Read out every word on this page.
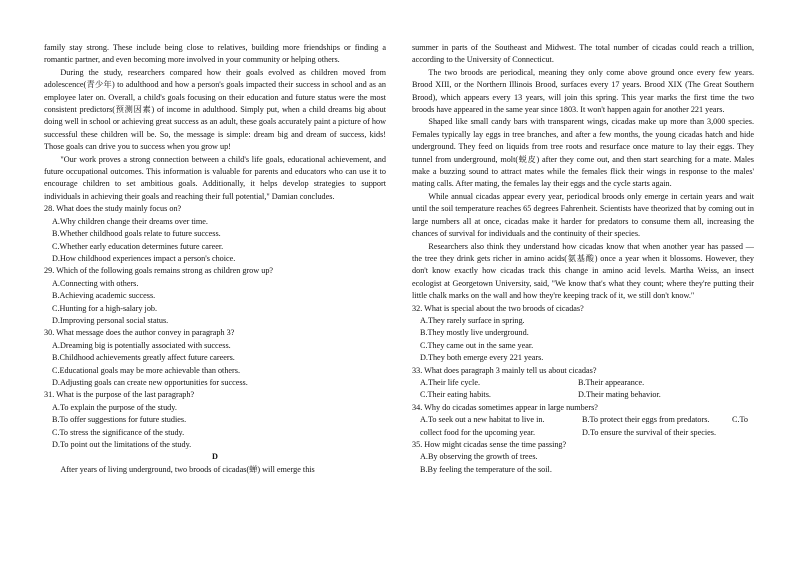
family stay strong. These include being close to relatives, building more friendships or finding a romantic partner, and even becoming more involved in your community or helping others.

During the study, researchers compared how their goals evolved as children moved from adolescence(青少年) to adulthood and how a person's goals impacted their success in school and as an employee later on. Overall, a child's goals focusing on their education and future status were the most consistent predictors(预测因素) of income in adulthood. Simply put, when a child dreams big about doing well in school or achieving great success as an adult, these goals accurately paint a picture of how successful these children will be. So, the message is simple: dream big and dream of success, kids! Those goals can drive you to success when you grow up!

"Our work proves a strong connection between a child's life goals, educational achievement, and future occupational outcomes. This information is valuable for parents and educators who can use it to encourage children to set ambitious goals. Additionally, it helps develop strategies to support individuals in achieving their goals and reaching their full potential," Damian concludes.

28. What does the study mainly focus on?

A.Why children change their dreams over time.

B.Whether childhood goals relate to future success.

C.Whether early education determines future career.

D.How childhood experiences impact a person's choice.

29. Which of the following goals remains strong as children grow up?

A.Connecting with others.

B.Achieving academic success.

C.Hunting for a high-salary job.

D.Improving personal social status.

30. What message does the author convey in paragraph 3?

A.Dreaming big is potentially associated with success.

B.Childhood achievements greatly affect future careers.

C.Educational goals may be more achievable than others.

D.Adjusting goals can create new opportunities for success.

31. What is the purpose of the last paragraph?

A.To explain the purpose of the study.

B.To offer suggestions for future studies.

C.To stress the significance of the study.

D.To point out the limitations of the study.

D

After years of living underground, two broods of cicadas(蝉) will emerge this

summer in parts of the Southeast and Midwest. The total number of cicadas could reach a trillion, according to the University of Connecticut.

The two broods are periodical, meaning they only come above ground once every few years. Brood XIII, or the Northern Illinois Brood, surfaces every 17 years. Brood XIX (The Great Southern Brood), which appears every 13 years, will join this spring. This year marks the first time the two broods have appeared in the same year since 1803. It won't happen again for another 221 years.

Shaped like small candy bars with transparent wings, cicadas make up more than 3,000 species. Females typically lay eggs in tree branches, and after a few months, the young cicadas hatch and hide underground. They feed on liquids from tree roots and resurface once mature to lay their eggs. They tunnel from underground, molt(蜕皮) after they come out, and then start searching for a mate. Males make a buzzing sound to attract mates while the females flick their wings in response to the males' mating calls. After mating, the females lay their eggs and the cycle starts again.

While annual cicadas appear every year, periodical broods only emerge in certain years and wait until the soil temperature reaches 65 degrees Fahrenheit. Scientists have theorized that by coming out in large numbers all at once, cicadas make it harder for predators to consume them all, increasing the chances of survival for individuals and the continuity of their species.

Researchers also think they understand how cicadas know that when another year has passed — the tree they drink gets richer in amino acids(氨基酸) once a year when it blossoms. However, they don't know exactly how cicadas track this change in amino acid levels. Martha Weiss, an insect ecologist at Georgetown University, said, "We know that's what they count; where they're putting their little chalk marks on the wall and how they're keeping track of it, we still don't know."

32. What is special about the two broods of cicadas?

A.They rarely surface in spring.

B.They mostly live underground.

C.They came out in the same year.

D.They both emerge every 221 years.

33. What does paragraph 3 mainly tell us about cicadas?

A.Their life cycle.	B.Their appearance.
C.Their eating habits.	D.Their mating behavior.

34. Why do cicadas sometimes appear in large numbers?

A.To seek out a new habitat to live in.	B.To protect their eggs from predators.	C.To
collect food for the upcoming year.	D.To ensure the survival of their species.

35. How might cicadas sense the time passing?

A.By observing the growth of trees.

B.By feeling the temperature of the soil.
